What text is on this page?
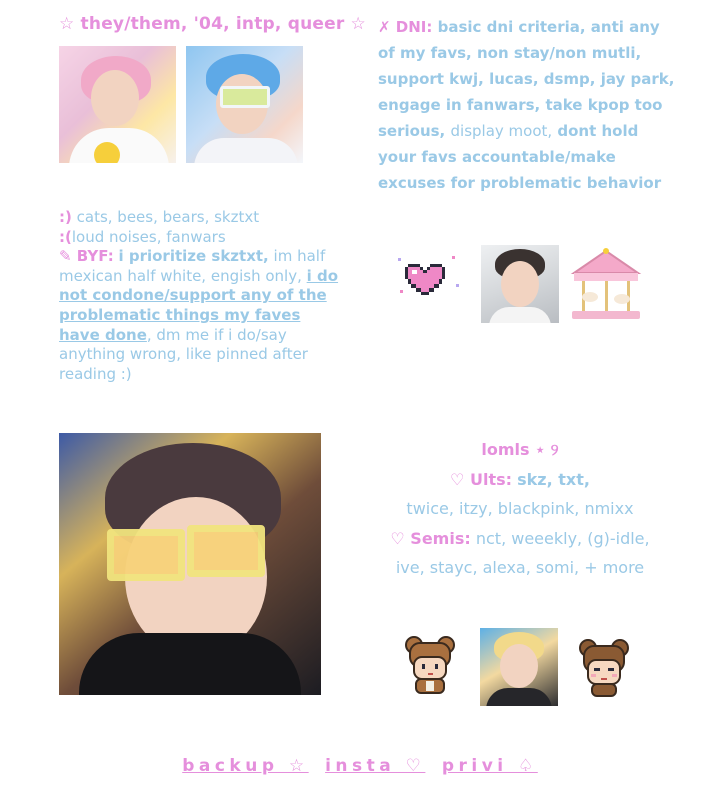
☆ they/them, '04, intp, queer ☆ ✗ DNI: basic dni criteria, anti any of my favs, non stay/non mutli, support kwj, lucas, dsmp, jay park, engage in fanwars, take kpop too serious, display moot, dont hold your favs accountable/make excuses for problematic behavior
:) cats, bees, bears, skztxt
:(loud noises, fanwars
✎ BYF: i prioritize skztxt, im half mexican half white, engish only, i do not condone/support any of the problematic things my faves have done, dm me if i do/say anything wrong, like pinned after reading :)
lomls ⋆ ୨
♡ Ults: skz, txt,
twice, itzy, blackpink, nmixx
♡ Semis: nct, weeekly, (g)-idle,
ive, stayc, alexa, somi, + more
backup ☆ insta ♡ privi ♤
